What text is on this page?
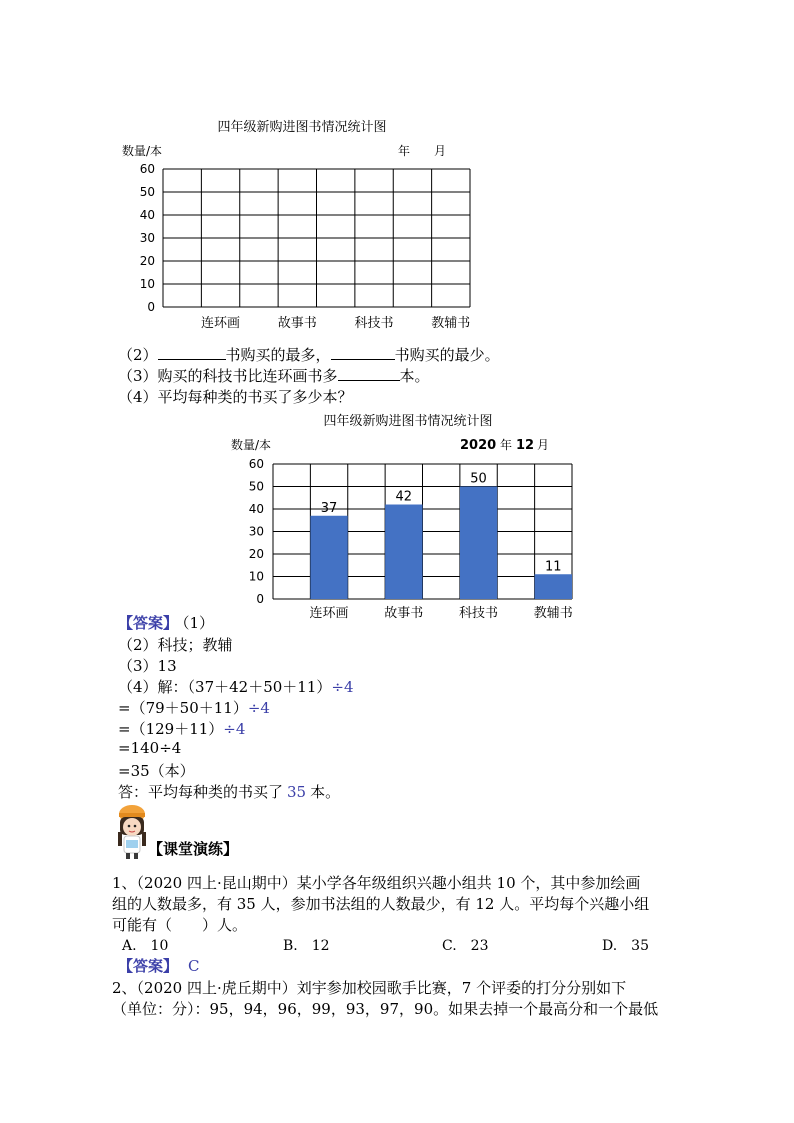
四年级新购进图书情况统计图
数量/本	年　　月
0
10
20
30
40
50
60
连环画	故事书	科技书	教辅书
（2）	书购买的最多，	书购买的最少。
（3）购买的科技书比连环画书多	本。
（4）平均每种类的书买了多少本？
四年级新购进图书情况统计图
数量/本	2020 年 12 月
0
10
20
30
40
50
60
37
42
50
11
连环画	故事书	科技书	教辅书
【答案】 （1）
（2）科技；教辅
（3）13
（4）解：（37＋42＋50＋11）÷4
=（79＋50＋11）÷4
=（129＋11）÷4
=140÷4
=35（本）
答：平均每种类的书买了 35 本。
【课堂演练】
1、（2020 四上·昆山期中）某小学各年级组织兴趣小组共 10 个，其中参加绘画
组的人数最多，有 35 人，参加书法组的人数最少，有 12 人。平均每个兴趣小组
可能有（　　）人。
A.　10	B.　12	C.　23	D.　35
【答案】 C
2、（2020 四上·虎丘期中）刘宇参加校园歌手比赛，7 个评委的打分分别如下
（单位：分）：95，94，96，99，93，97，90。如果去掉一个最高分和一个最低
